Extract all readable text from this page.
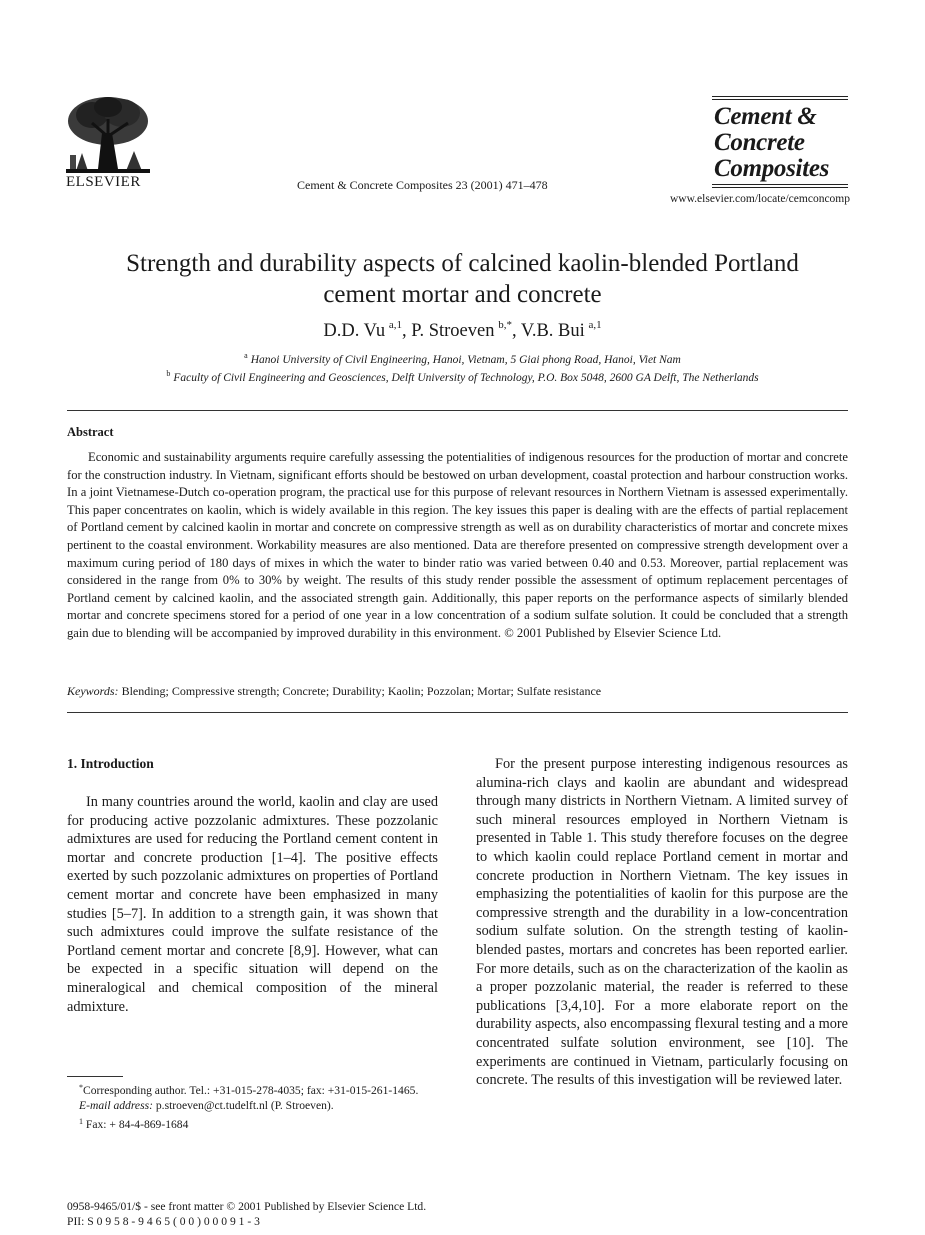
ELSEVIER	Cement & Concrete Composites 23 (2001) 471–478
Cement &
Concrete
Composites
www.elsevier.com/locate/cemconcomp
Strength and durability aspects of calcined kaolin-blended Portland
cement mortar and concrete
D.D. Vu  $^{a,1}$, P. Stroeven  $^{b,*}$, V.B. Bui  $^{a,1}$
$^a$ Hanoi University of Civil Engineering, Hanoi, Vietnam, 5 Giai phong Road, Hanoi, Viet Nam
$^b$ Faculty of Civil Engineering and Geosciences, Delft University of Technology, P.O. Box 5048, 2600 GA Delft, The Netherlands
Abstract
Economic and sustainability arguments require carefully assessing the potentialities of indigenous resources for the production of mortar and concrete for the construction industry. In Vietnam, significant efforts should be bestowed on urban development, coastal protection and harbour construction works. In a joint Vietnamese-Dutch co-operation program, the practical use for this purpose of relevant resources in Northern Vietnam is assessed experimentally. This paper concentrates on kaolin, which is widely available in this region. The key issues this paper is dealing with are the effects of partial replacement of Portland cement by calcined kaolin in mortar and concrete on compressive strength as well as on durability characteristics of mortar and concrete mixes pertinent to the coastal environment. Workability measures are also mentioned. Data are therefore presented on compressive strength development over a maximum curing period of 180 days of mixes in which the water to binder ratio was varied between 0.40 and 0.53. Moreover, partial replacement was considered in the range from 0% to 30% by weight. The results of this study render possible the assessment of optimum replacement percentages of Portland cement by calcined kaolin, and the associated strength gain. Additionally, this paper reports on the performance aspects of similarly blended mortar and concrete specimens stored for a period of one year in a low concentration of a sodium sulfate solution. It could be concluded that a strength gain due to blending will be accompanied by improved durability in this environment. © 2001 Published by Elsevier Science Ltd.
Keywords: Blending; Compressive strength; Concrete; Durability; Kaolin; Pozzolan; Mortar; Sulfate resistance
1. Introduction
In many countries around the world, kaolin and clay are used for producing active pozzolanic admixtures. These pozzolanic admixtures are used for reducing the Portland cement content in mortar and concrete production [1–4]. The positive effects exerted by such pozzolanic admixtures on properties of Portland cement mortar and concrete have been emphasized in many studies [5–7]. In addition to a strength gain, it was shown that such admixtures could improve the sulfate resistance of the Portland cement mortar and concrete [8,9]. However, what can be expected in a specific situation will depend on the mineralogical and chemical composition of the mineral admixture.
For the present purpose interesting indigenous resources as alumina-rich clays and kaolin are abundant and widespread through many districts in Northern Vietnam. A limited survey of such mineral resources employed in Northern Vietnam is presented in Table 1. This study therefore focuses on the degree to which kaolin could replace Portland cement in mortar and concrete production in Northern Vietnam. The key issues in emphasizing the potentialities of kaolin for this purpose are the compressive strength and the durability in a low-concentration sodium sulfate solution. On the strength testing of kaolin-blended pastes, mortars and concretes has been reported earlier. For more details, such as on the characterization of the kaolin as a proper pozzolanic material, the reader is referred to these publications [3,4,10]. For a more elaborate report on the durability aspects, also encompassing flexural testing and a more concentrated sulfate solution environment, see [10]. The experiments are continued in Vietnam, particularly focusing on concrete. The results of this investigation will be reviewed later.

*Corresponding author. Tel.: +31-015-278-4035; fax: +31-015-261-1465.

E-mail address: p.stroeven@ct.tudelft.nl (P. Stroeven).

$^1$ Fax: + 84-4-869-1684

0958-9465/01/$ - see front matter © 2001 Published by Elsevier Science Ltd.
PII: S 0 9 5 8 - 9 4 6 5 ( 0 0 ) 0 0 0 9 1 - 3
